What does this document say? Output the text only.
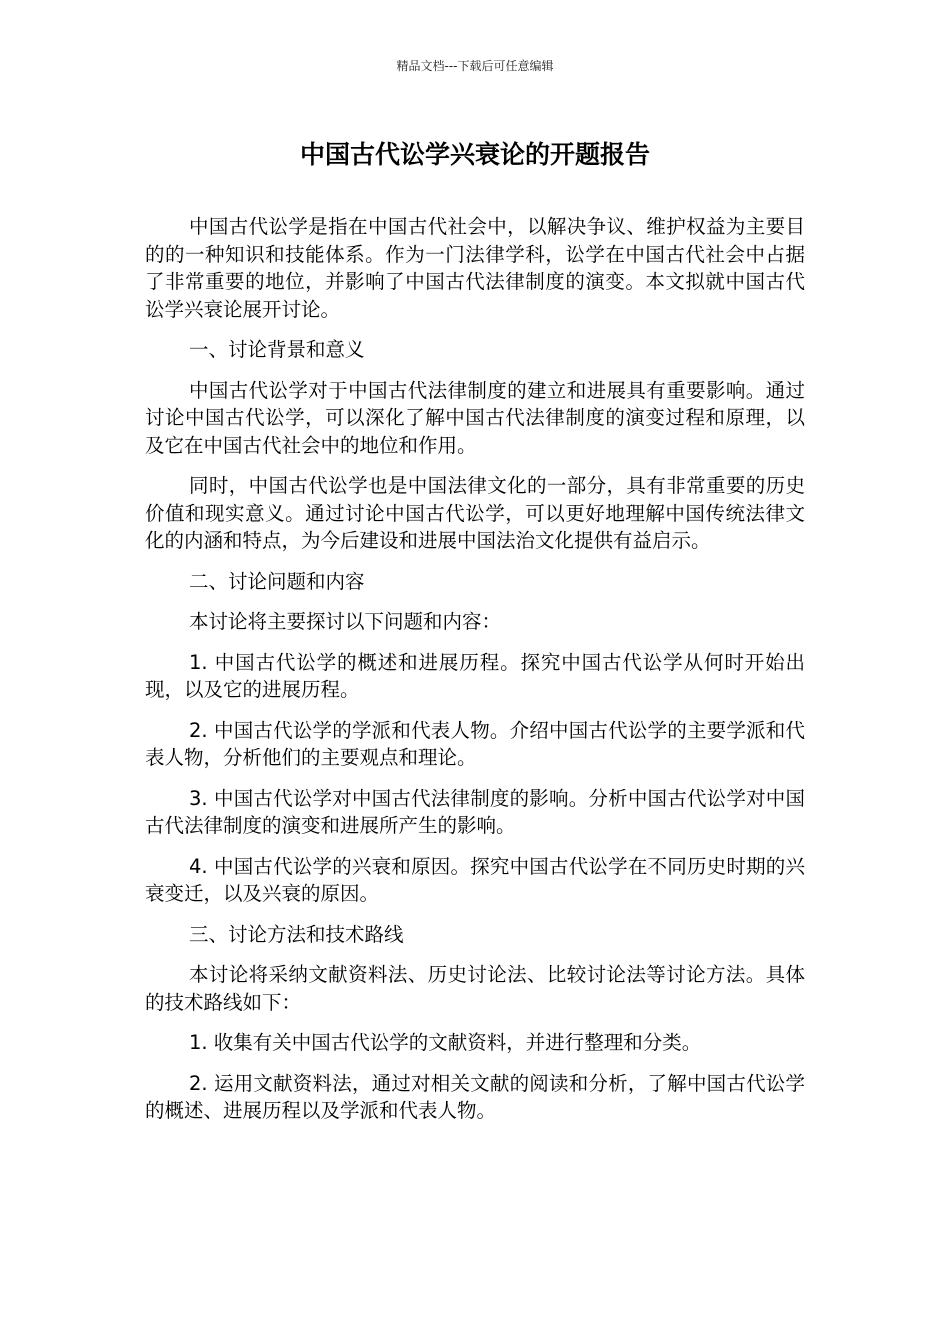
精品文档---下载后可任意编辑
中国古代讼学兴衰论的开题报告

中国古代讼学是指在中国古代社会中，以解决争议、维护权益为主要目的的一种知识和技能体系。作为一门法律学科，讼学在中国古代社会中占据了非常重要的地位，并影响了中国古代法律制度的演变。本文拟就中国古代讼学兴衰论展开讨论。

一、讨论背景和意义

中国古代讼学对于中国古代法律制度的建立和进展具有重要影响。通过讨论中国古代讼学，可以深化了解中国古代法律制度的演变过程和原理，以及它在中国古代社会中的地位和作用。

同时，中国古代讼学也是中国法律文化的一部分，具有非常重要的历史价值和现实意义。通过讨论中国古代讼学，可以更好地理解中国传统法律文化的内涵和特点，为今后建设和进展中国法治文化提供有益启示。

二、讨论问题和内容

本讨论将主要探讨以下问题和内容：

1. 中国古代讼学的概述和进展历程。探究中国古代讼学从何时开始出现，以及它的进展历程。

2. 中国古代讼学的学派和代表人物。介绍中国古代讼学的主要学派和代表人物，分析他们的主要观点和理论。

3. 中国古代讼学对中国古代法律制度的影响。分析中国古代讼学对中国古代法律制度的演变和进展所产生的影响。

4. 中国古代讼学的兴衰和原因。探究中国古代讼学在不同历史时期的兴衰变迁，以及兴衰的原因。

三、讨论方法和技术路线

本讨论将采纳文献资料法、历史讨论法、比较讨论法等讨论方法。具体的技术路线如下：

1. 收集有关中国古代讼学的文献资料，并进行整理和分类。

2. 运用文献资料法，通过对相关文献的阅读和分析，了解中国古代讼学的概述、进展历程以及学派和代表人物。
